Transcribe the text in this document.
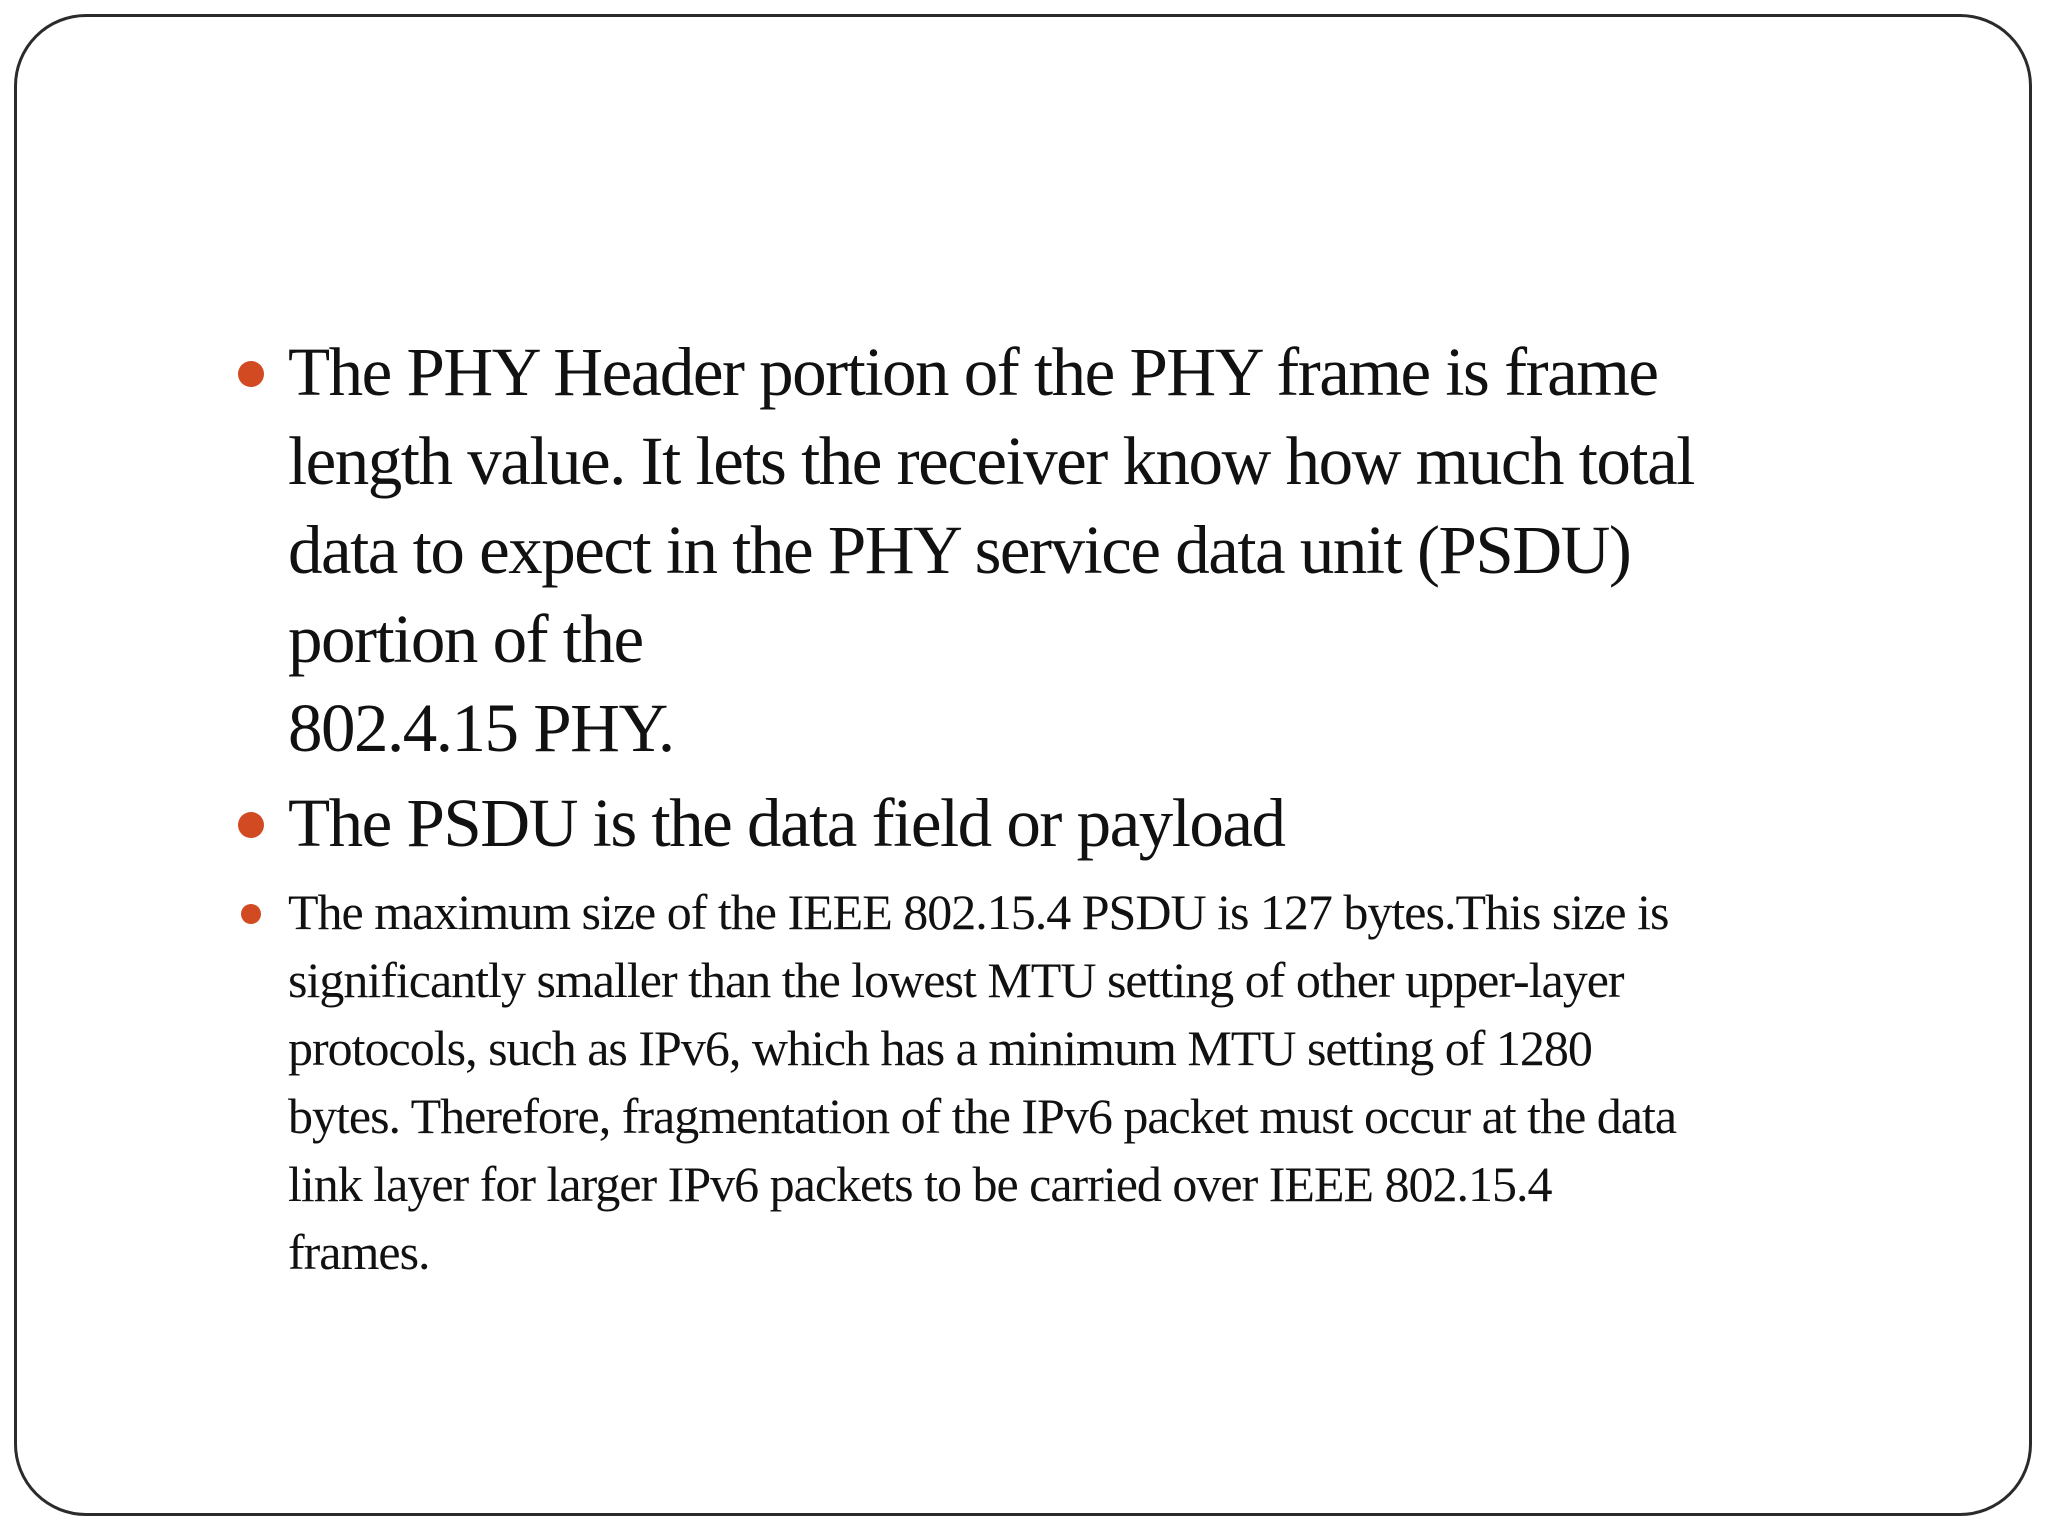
The PHY Header portion of the PHY frame is frame
length value. It lets the receiver know how much total
data to expect in the PHY service data unit (PSDU)
portion of the
802.4.15 PHY.
The PSDU is the data field or payload
The maximum size of the IEEE 802.15.4 PSDU is 127 bytes.This size is
significantly smaller than the lowest MTU setting of other upper-layer
protocols, such as IPv6, which has a minimum MTU setting of 1280
bytes. Therefore, fragmentation of the IPv6 packet must occur at the data
link layer for larger IPv6 packets to be carried over IEEE 802.15.4
frames.
